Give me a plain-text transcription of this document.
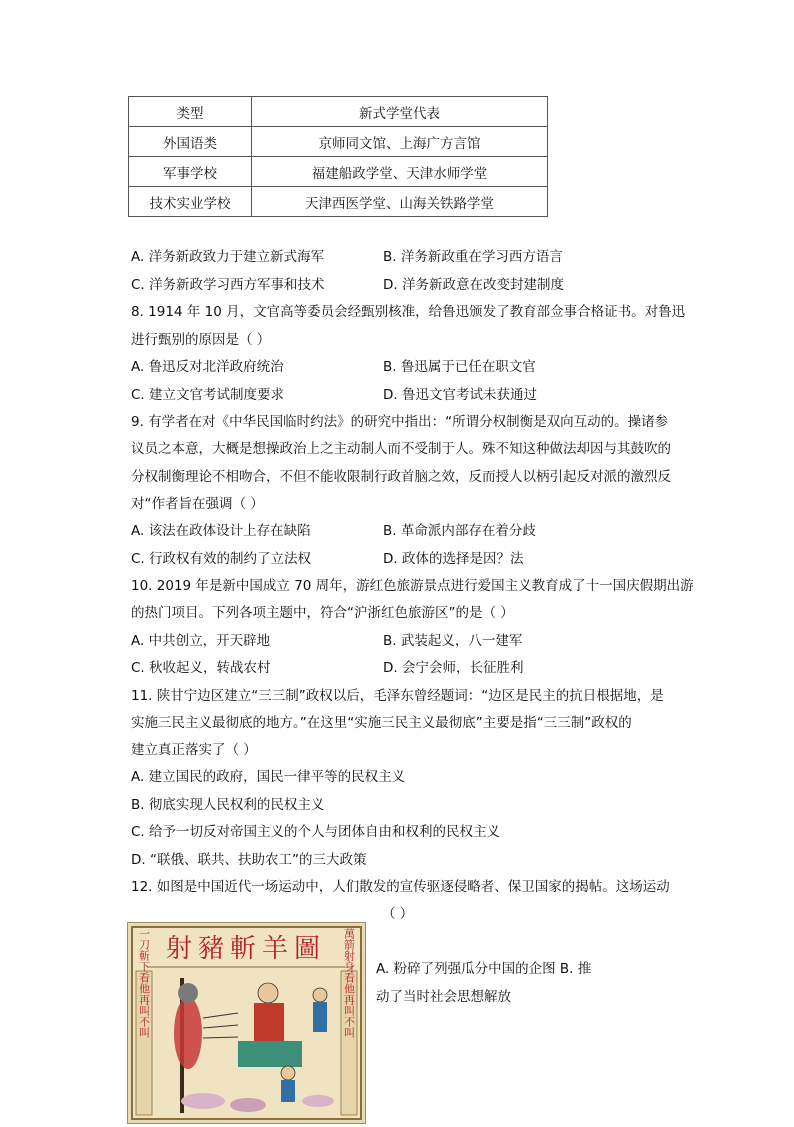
类型	新式学堂代表
外国语类	京师同文馆、上海广方言馆
军事学校	福建船政学堂、天津水师学堂
技术实业学校	天津西医学堂、山海关铁路学堂
A. 洋务新政致力于建立新式海军	B. 洋务新政重在学习西方语言
C. 洋务新政学习西方军事和技术	D. 洋务新政意在改变封建制度
8. 1914 年 10 月，文官高等委员会经甄别核准，给鲁迅颁发了教育部佥事合格证书。对鲁迅
进行甄别的原因是（ ）
A. 鲁迅反对北洋政府统治	B. 鲁迅属于已任在职文官
C. 建立文官考试制度要求	D. 鲁迅文官考试未获通过
9. 有学者在对《中华民国临时约法》的研究中指出：“所谓分权制衡是双向互动的。操诸参
议员之本意，大概是想操政治上之主动制人而不受制于人。殊不知这种做法却因与其鼓吹的
分权制衡理论不相吻合，不但不能收限制行政首脑之效，反而授人以柄引起反对派的激烈反
对“作者旨在强调（ ）
A. 该法在政体设计上存在缺陷	B. 革命派内部存在着分歧
C. 行政权有效的制约了立法权	D. 政体的选择是因？法
10. 2019 年是新中国成立 70 周年，游红色旅游景点进行爱国主义教育成了十一国庆假期出游
的热门项目。下列各项主题中，符合“沪浙红色旅游区”的是（ ）
A. 中共创立，开天辟地	B. 武装起义，八一建军
C. 秋收起义，转战农村	D. 会宁会师，长征胜利
11. 陕甘宁边区建立“三三制”政权以后，毛泽东曾经题词：“边区是民主的抗日根据地，是
实施三民主义最彻底的地方。”在这里“实施三民主义最彻底”主要是指“三三制”政权的
建立真正落实了（ ）
A. 建立国民的政府，国民一律平等的民权主义
B. 彻底实现人民权利的民权主义
C. 给予一切反对帝国主义的个人与团体自由和权利的民权主义
D. “联俄、联共、扶助农工”的三大政策
12. 如图是中国近代一场运动中，人们散发的宣传驱逐侵略者、保卫国家的揭帖。这场运动
（ ）
A. 粉碎了列强瓜分中国的企图 B. 推
动了当时社会思想解放
射豬斬羊圖
一刀斬下看他再叫不叫	萬箭射身看他再叫不叫
